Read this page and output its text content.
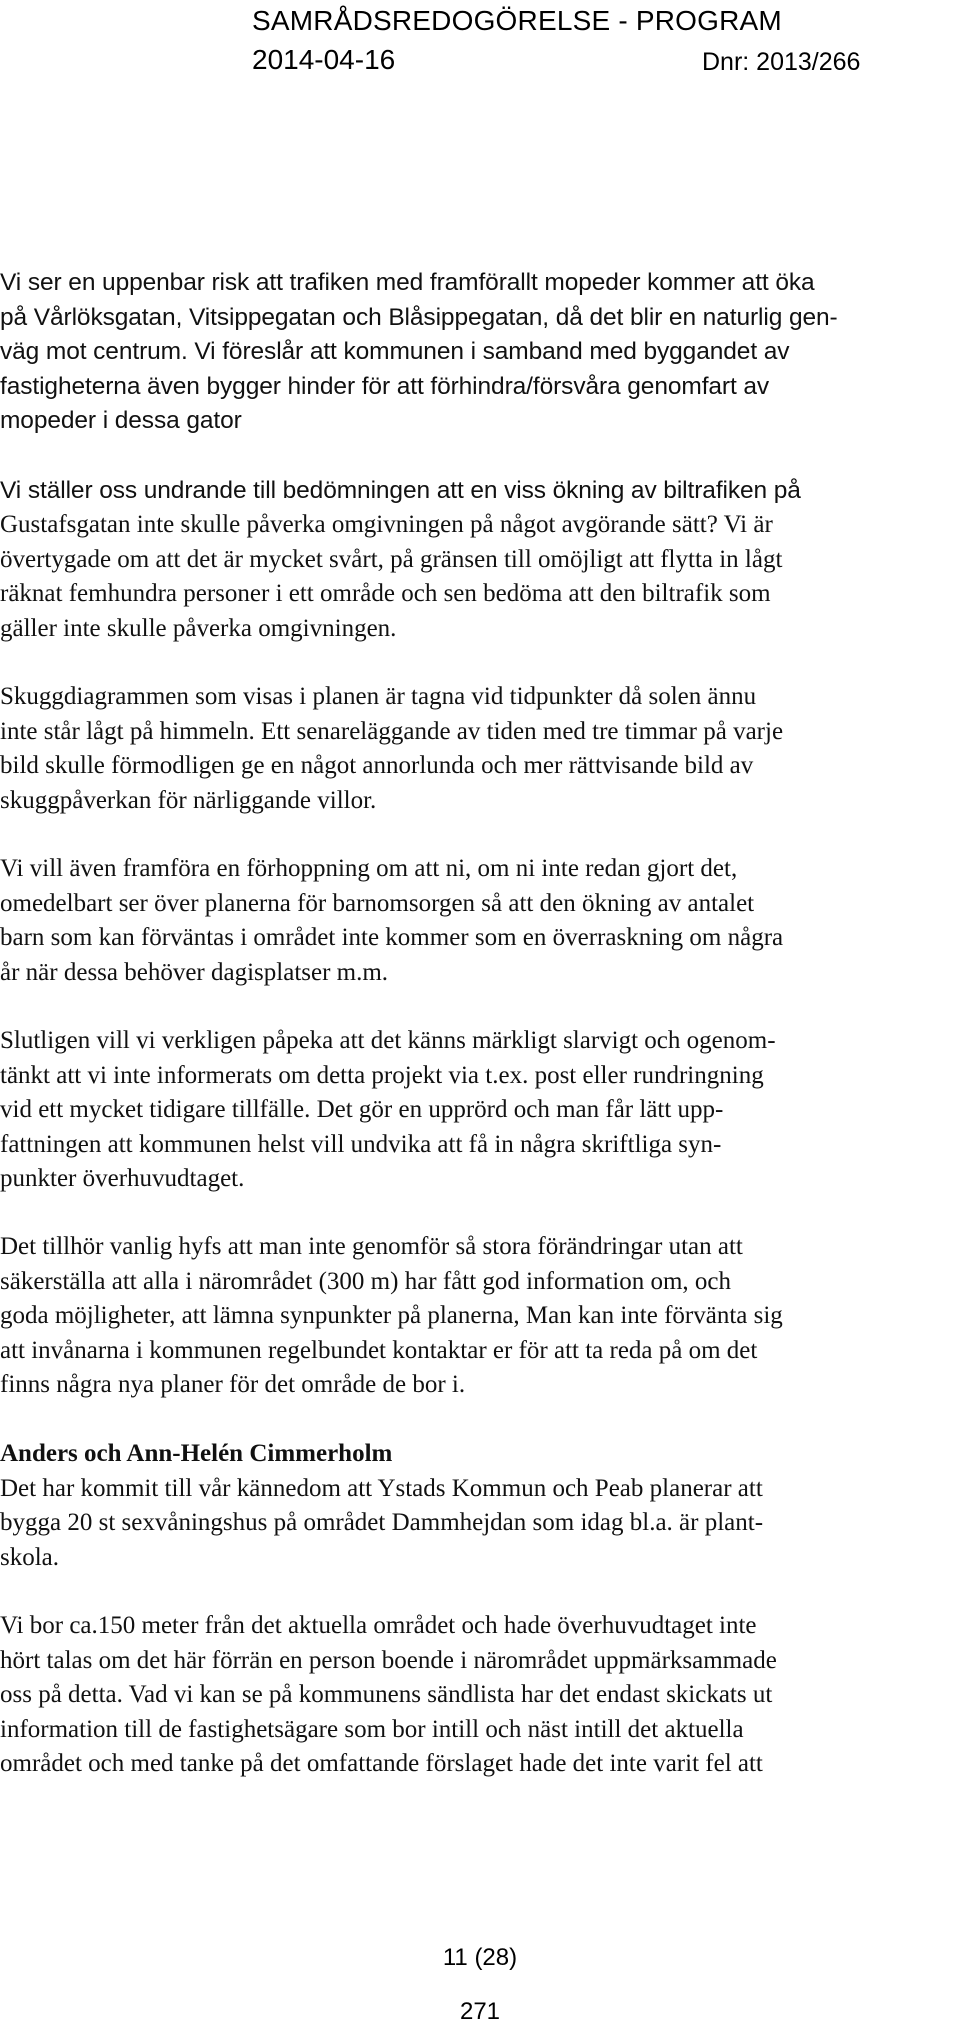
SAMRÅDSREDOGÖRELSE - PROGRAM
2014-04-16	Dnr: 2013/266

Vi ser en uppenbar risk att trafiken med framförallt mopeder kommer att öka
på Vårlöksgatan, Vitsippegatan och Blåsippegatan, då det blir en naturlig gen-
väg mot centrum. Vi föreslår att kommunen i samband med byggandet av
fastigheterna även bygger hinder för att förhindra/försvåra genomfart av
mopeder i dessa gator

Vi ställer oss undrande till bedömningen att en viss ökning av biltrafiken på

Gustafsgatan inte skulle påverka omgivningen på något avgörande sätt? Vi är
övertygade om att det är mycket svårt, på gränsen till omöjligt att flytta in lågt
räknat femhundra personer i ett område och sen bedöma att den biltrafik som
gäller inte skulle påverka omgivningen.

Skuggdiagrammen som visas i planen är tagna vid tidpunkter då solen ännu
inte står lågt på himmeln. Ett senareläggande av tiden med tre timmar på varje
bild skulle förmodligen ge en något annorlunda och mer rättvisande bild av
skuggpåverkan för närliggande villor.

Vi vill även framföra en förhoppning om att ni, om ni inte redan gjort det,
omedelbart ser över planerna för barnomsorgen så att den ökning av antalet
barn som kan förväntas i området inte kommer som en överraskning om några
år när dessa behöver dagisplatser m.m.

Slutligen vill vi verkligen påpeka att det känns märkligt slarvigt och ogenom-
tänkt att vi inte informerats om detta projekt via t.ex. post eller rundringning
vid ett mycket tidigare tillfälle. Det gör en upprörd och man får lätt upp-
fattningen att kommunen helst vill undvika att få in några skriftliga syn-
punkter överhuvudtaget.

Det tillhör vanlig hyfs att man inte genomför så stora förändringar utan att
säkerställa att alla i närområdet (300 m) har fått god information om, och
goda möjligheter, att lämna synpunkter på planerna, Man kan inte förvänta sig
att invånarna i kommunen regelbundet kontaktar er för att ta reda på om det
finns några nya planer för det område de bor i.

Anders och Ann-Helén Cimmerholm
Det har kommit till vår kännedom att Ystads Kommun och Peab planerar att
bygga 20 st sexvåningshus på området Dammhejdan som idag bl.a. är plant-
skola.

Vi bor ca.150 meter från det aktuella området och hade överhuvudtaget inte
hört talas om det här förrän en person boende i närområdet uppmärksammade
oss på detta. Vad vi kan se på kommunens sändlista har det endast skickats ut
information till de fastighetsägare som bor intill och näst intill det aktuella
området och med tanke på det omfattande förslaget hade det inte varit fel att

11 (28)
271
